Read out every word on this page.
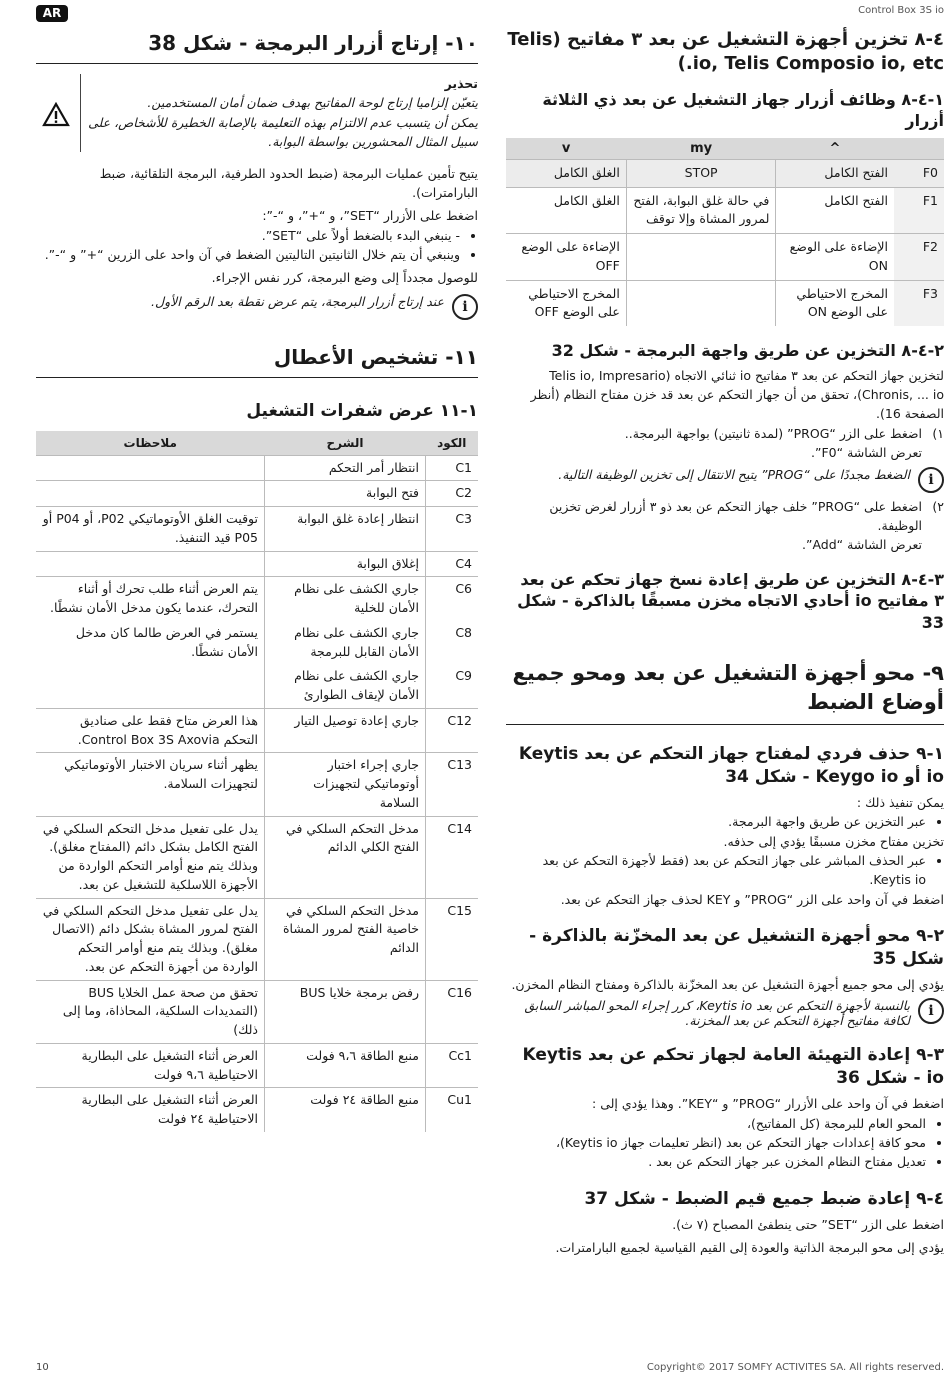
AR	Control Box 3S io
10	Copyright© 2017 SOMFY ACTIVITES SA. All rights reserved.
١٠- إرتاج أزرار البرمجة - شكل 38

تحذير

يتعيّن إلزاميا إرتاج لوحة المفاتيح بهدف ضمان أمان المستخدمين.

يمكن أن يتسبب عدم الالتزام بهذه التعليمة بالإصابة الخطيرة للأشخاص، على سبيل المثال المحشورين بواسطة البوابة.

يتيح تأمين عمليات البرمجة (ضبط الحدود الطرفية، البرمجة التلقائية، ضبط البارامترات).

اضغط على الأزرار “SET”، و “+”، و “-”:

• - ينبغي البدء بالضغط أولاً على “SET”.
• وينبغي أن يتم خلال الثانيتين التاليتين الضغط في آن واحد على الزرين “+” و “-”.

للوصول مجدداً إلى وضع البرمجة، كرر نفس الإجراء.

i
عند إرتاج أزرار البرمجة، يتم عرض نقطة بعد الرقم الأول.
١١- تشخيص الأعطال
١-١١ عرض شفرات التشغيل
الكود	الشرح	ملاحظات
C1	انتظار أمر التحكم	
C2	فتح البوابة	
C3	انتظار إعادة غلق البوابة	توقيت الغلق الأوتوماتيكي P02، أو P04 أو P05 قيد التنفيذ.
C4	إغلاق البوابة	
C6	جاري الكشف على نظام الأمان للخلية	يتم العرض أثناء طلب تحرك أو أثناء التحرك، عندما يكون مدخل الأمان نشطًا.
C8	جاري الكشف على نظام الأمان القابل للبرمجة	يستمر في العرض طالما كان مدخل الأمان نشطًا.
C9	جاري الكشف على نظام الأمان لإيقاف الطوارئ	
C12	جاري إعادة توصيل التيار	هذا العرض متاح فقط على صناديق التحكم Control Box 3S Axovia.
C13	جاري إجراء اختبار أوتوماتيكي لتجهيزات السلامة	يظهر أثناء سريان الاختبار الأوتوماتيكي لتجهيزات السلامة.
C14	مدخل التحكم السلكي في الفتح الكلي الدائم	يدل على تفعيل مدخل التحكم السلكي في الفتح الكامل بشكل دائم (المفتاح مغلق). وبذلك يتم منع أوامر التحكم الواردة من الأجهزة اللاسلكية للتشغيل عن بعد.
C15	مدخل التحكم السلكي في خاصية الفتح لمرور المشاة الدائم	يدل على تفعيل مدخل التحكم السلكي في الفتح لمرور المشاة بشكل دائم (الاتصال مغلق). وبذلك يتم منع أوامر التحكم الواردة من أجهزة التحكم عن بعد.
C16	رفض برمجة خلايا BUS	تحقق من صحة عمل الخلايا BUS (التمديدات السلكية، المحاذاة، وما إلى ذلك)
Cc1	منبع الطاقة ٩،٦ فولت	العرض أثناء التشغيل على البطارية الاحتياطية ٩،٦ فولت
Cu1	منبع الطاقة ٢٤ فولت	العرض أثناء التشغيل على البطارية الاحتياطية ٢٤ فولت
٤-٨ تخزين أجهزة التشغيل عن بعد ٣ مفاتيح (Telis io, Telis Composio io, etc.)
١-٤-٨ وظائف أزرار جهاز التشغيل عن بعد ذي الثلاثة أزرار
	^	my	v
F0	الفتح الكامل	STOP	الغلق الكامل
F1	الفتح الكامل	في حالة غلق البوابة، الفتح لمرور المشاة وإلا توقف	الغلق الكامل
F2	الإضاءة على الوضع ON		الإضاءة على الوضع OFF
F3	المخرج الاحتياطي على الوضع ON		المخرج الاحتياطي على الوضع OFF
٢-٤-٨ التخزين عن طريق واجهة البرمجة - شكل 32

لتخزين جهاز التحكم عن بعد ٣ مفاتيح io ثنائي الاتجاه (Telis io, Impresario Chronis, ... io)، تحقق من أن جهاز التحكم عن بعد قد خزن مفتاح النظام (أنظر الصفحة 16).

١)
اضغط على الزر “PROG” (لمدة ثانيتين) بواجهة البرمجة..
تعرض الشاشة “F0”.
i
الضغط مجددًا على “PROG” يتيح الانتقال إلى تخزين الوظيفة التالية.
٢)
اضغط على “PROG” خلف جهاز التحكم عن بعد ذو ٣ أزرار لغرض تخزين الوظيفة.
تعرض الشاشة “Add”.
٣-٤-٨ التخزين عن طريق إعادة نسخ جهاز تحكم عن بعد ٣ مفاتيح io أحادي الاتجاه مخزن مسبقًا بالذاكرة - شكل 33
٩- محو أجهزة التشغيل عن بعد ومحو جميع أوضاع الضبط
١-٩ حذف فردي لمفتاح جهاز التحكم عن بعد Keytis io أو Keygo io - شكل 34

يمكن تنفيذ ذلك :

• عبر التخزين عن طريق واجهة البرمجة.

تخزين مفتاح مخزن مسبقًا يؤدي إلى حذفه.

• عبر الحذف المباشر على جهاز التحكم عن بعد (فقط لأجهزة التحكم عن بعد Keytis io.

اضغط في آن واحد على الزر “PROG” و KEY لحذف جهاز التحكم عن بعد.

٢-٩ محو أجهزة التشغيل عن بعد المخزّنة بالذاكرة - شكل 35

يؤدي إلى محو جميع أجهزة التشغيل عن بعد المخزّنة بالذاكرة ومفتاح النظام المخزن.

i
بالنسبة لأجهزة التحكم عن بعد Keytis io، كرر إجراء المحو المباشر السابق لكافة مفاتيح أجهزة التحكم عن بعد المخزنة.
٣-٩ إعادة التهيئة العامة لجهاز تحكم عن بعد Keytis io - شكل 36

اضغط في آن واحد على الأزرار “PROG” و “KEY”. وهذا يؤدي إلى :

• المحو العام للبرمجة (كل المفاتيح)،
• محو كافة إعدادات جهاز التحكم عن بعد (انظر تعليمات جهاز Keytis io)،
• تعديل مفتاح النظام المخزن عبر جهاز التحكم عن بعد .
٤-٩ إعادة ضبط جميع قيم الضبط - شكل 37

اضغط على الزر “SET” حتى ينطفئ المصباح (٧ ث).

يؤدي إلى محو البرمجة الذاتية والعودة إلى القيم القياسية لجميع البارامترات.
